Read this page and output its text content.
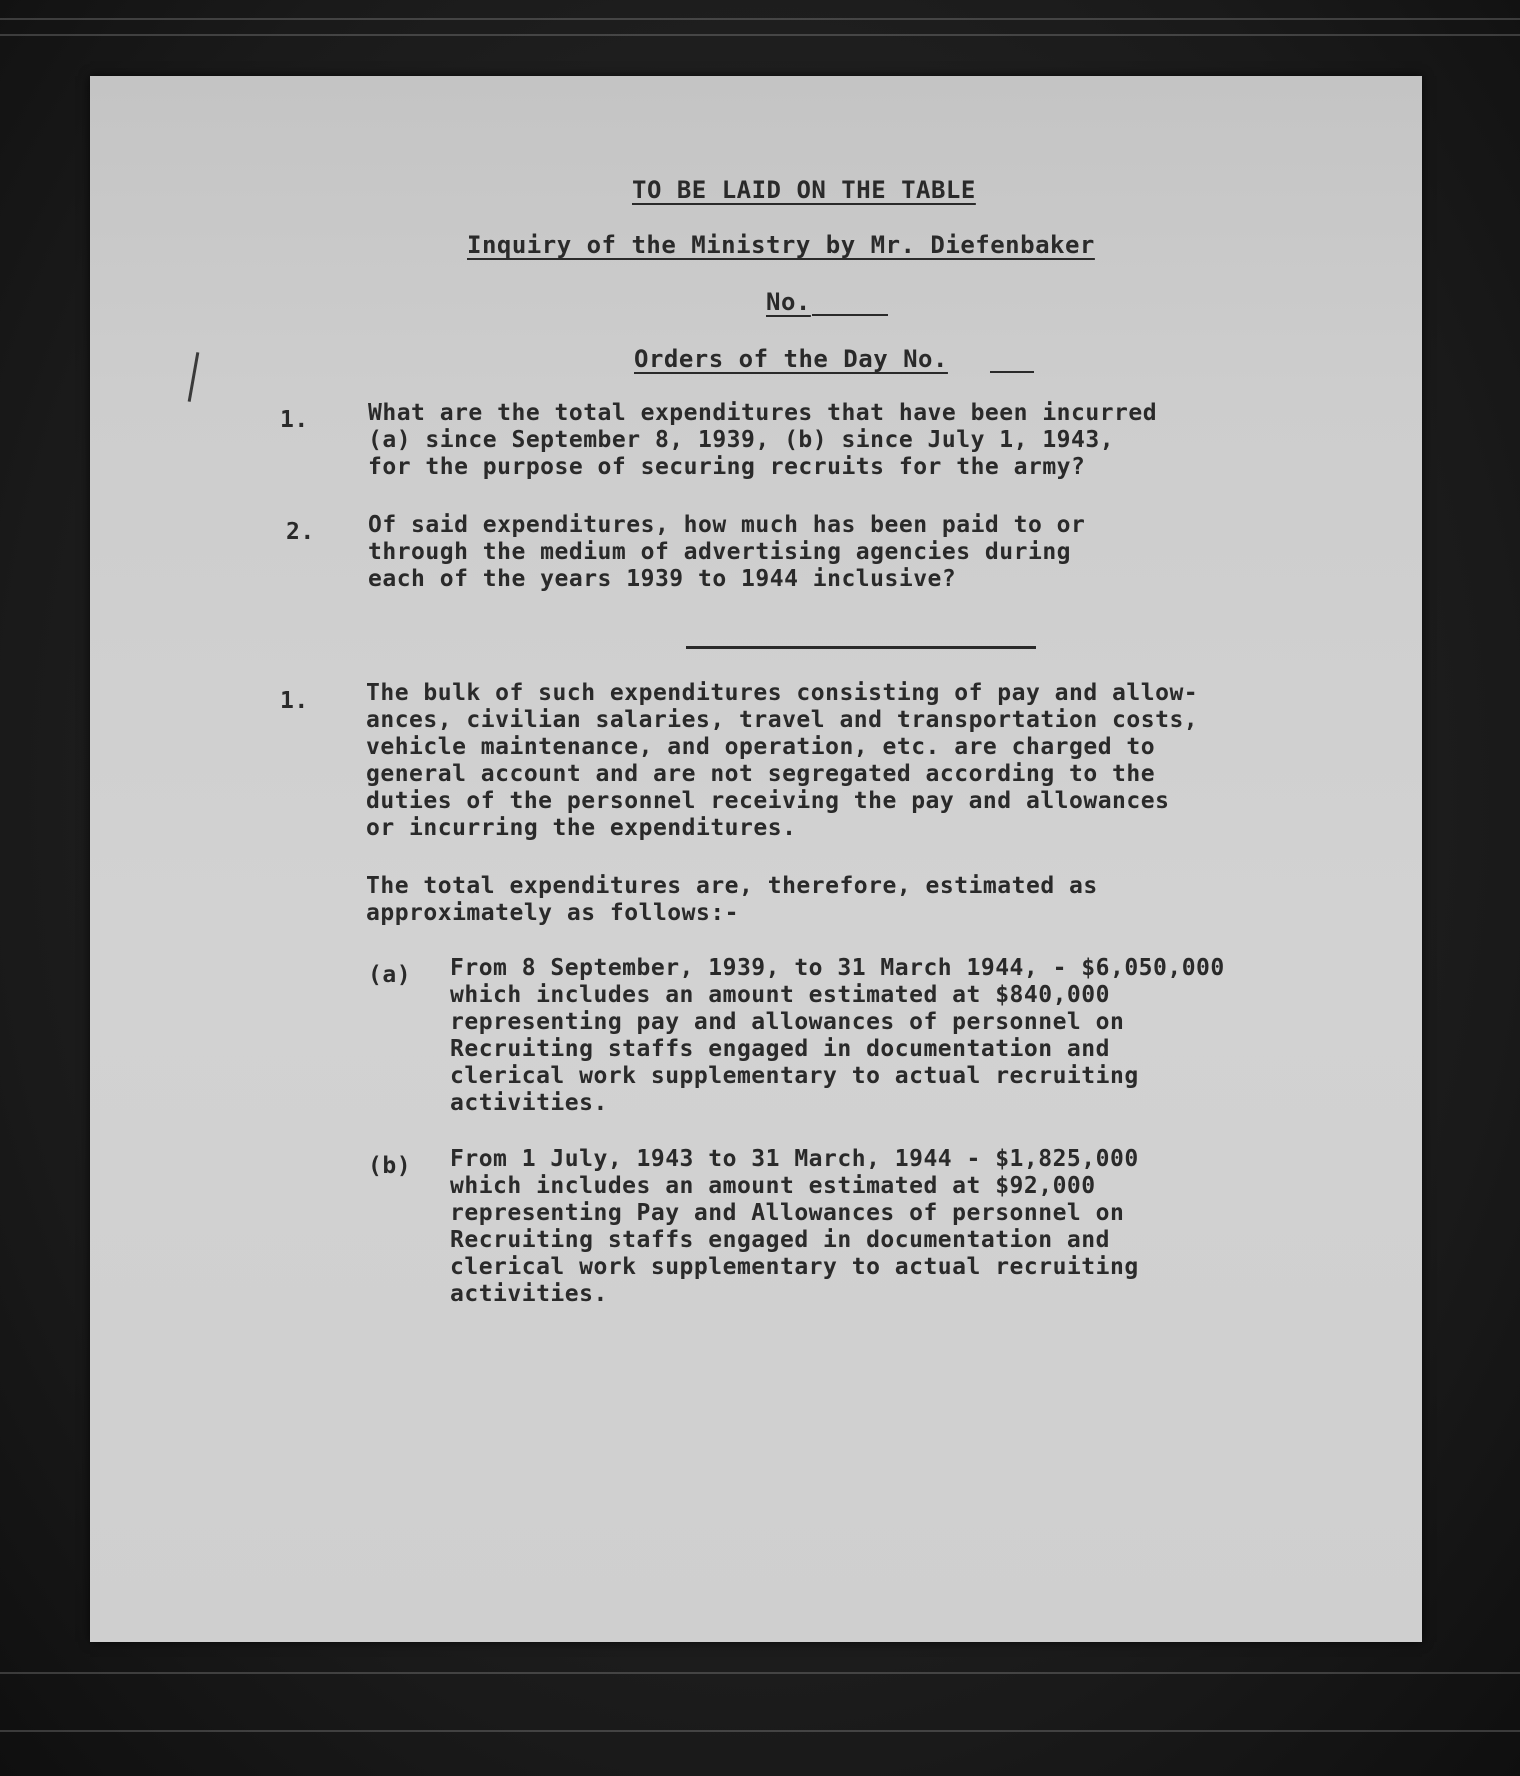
TO BE LAID ON THE TABLE
Inquiry of the Ministry by Mr. Diefenbaker
No.
Orders of the Day No.
1.	What are the total expenditures that have been incurred
(a) since September 8, 1939, (b) since July 1, 1943,
for the purpose of securing recruits for the army?
2. Of said expenditures, how much has been paid to or
through the medium of advertising agencies during
each of the years 1939 to 1944 inclusive?
1. The bulk of such expenditures consisting of pay and allow-
ances, civilian salaries, travel and transportation costs,
vehicle maintenance, and operation, etc. are charged to
general account and are not segregated according to the
duties of the personnel receiving the pay and allowances
or incurring the expenditures.
The total expenditures are, therefore, estimated as
approximately as follows:-
(a) From 8 September, 1939, to 31 March 1944, - $6,050,000
which includes an amount estimated at $840,000
representing pay and allowances of personnel on
Recruiting staffs engaged in documentation and
clerical work supplementary to actual recruiting
activities.
(b) From 1 July, 1943 to 31 March, 1944 - $1,825,000
which includes an amount estimated at $92,000
representing Pay and Allowances of personnel on
Recruiting staffs engaged in documentation and
clerical work supplementary to actual recruiting
activities.
